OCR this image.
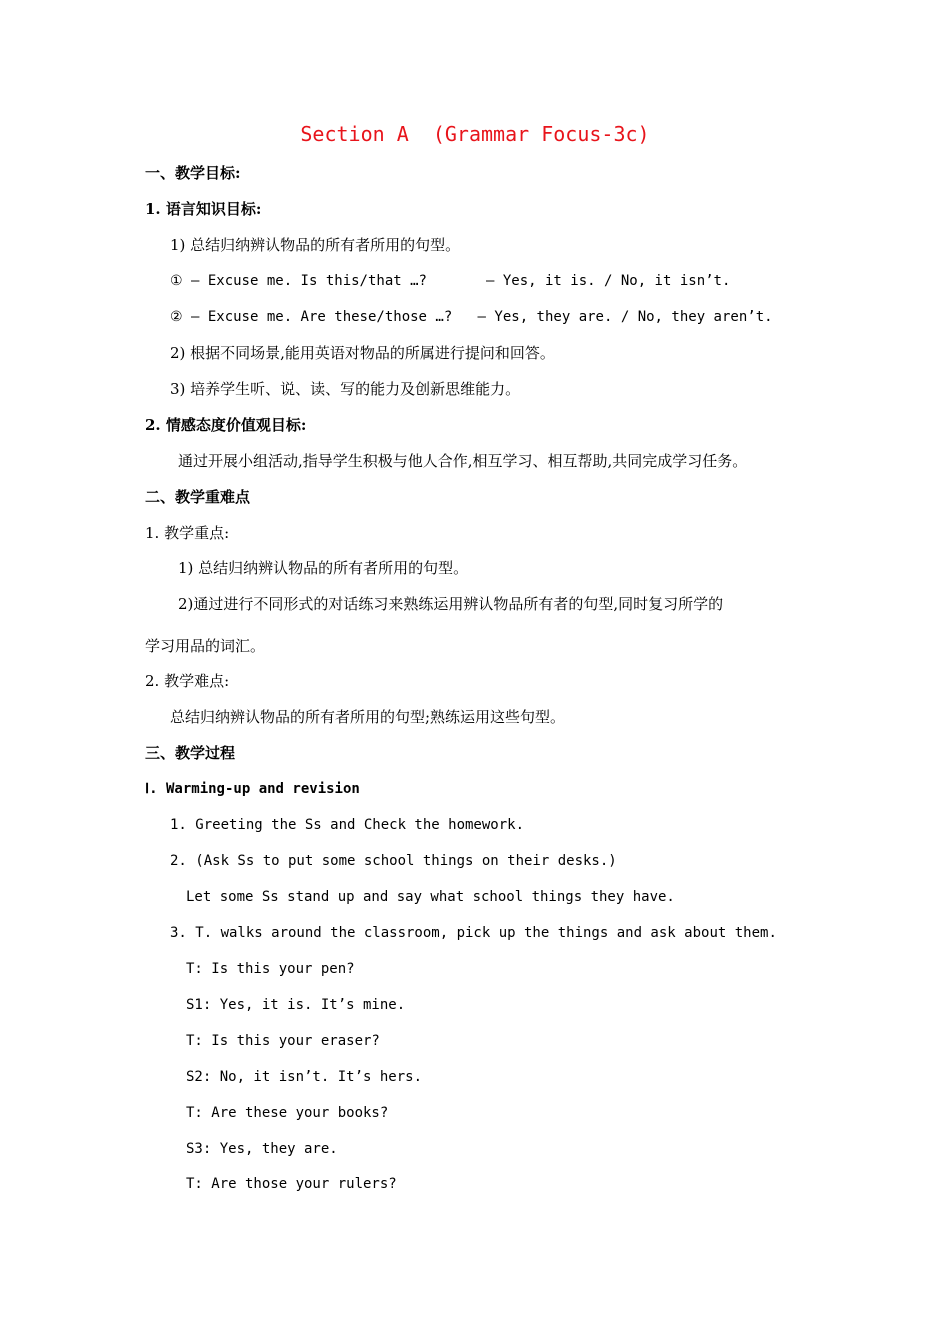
Section A  (Grammar Focus-3c)
一、教学目标:
1. 语言知识目标:
1) 总结归纳辨认物品的所有者所用的句型。
① — Excuse me. Is this/that …?       — Yes, it is. / No, it isn’t.
② — Excuse me. Are these/those …?   — Yes, they are. / No, they aren’t.
2) 根据不同场景,能用英语对物品的所属进行提问和回答。
3) 培养学生听、说、读、写的能力及创新思维能力。
2. 情感态度价值观目标:
通过开展小组活动,指导学生积极与他人合作,相互学习、相互帮助,共同完成学习任务。
二、教学重难点
1. 教学重点:
1) 总结归纳辨认物品的所有者所用的句型。
2)通过进行不同形式的对话练习来熟练运用辨认物品所有者的句型,同时复习所学的
学习用品的词汇。
2. 教学难点:
总结归纳辨认物品的所有者所用的句型;熟练运用这些句型。
三、教学过程
Ⅰ. Warming-up and revision
1. Greeting the Ss and Check the homework.
2. (Ask Ss to put some school things on their desks.)
Let some Ss stand up and say what school things they have.
3. T. walks around the classroom, pick up the things and ask about them.
T: Is this your pen?
S1: Yes, it is. It’s mine.
T: Is this your eraser?
S2: No, it isn’t. It’s hers.
T: Are these your books?
S3: Yes, they are.
T: Are those your rulers?
